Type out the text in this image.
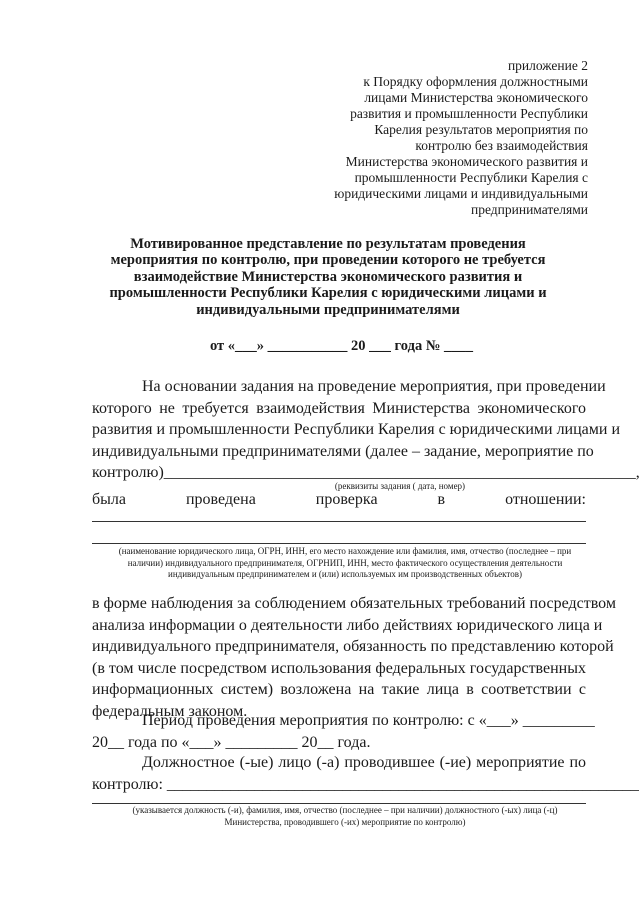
приложение 2
к Порядку оформления должностными
лицами Министерства экономического
развития и промышленности Республики
Карелия результатов мероприятия по
контролю без взаимодействия
Министерства экономического развития и
промышленности Республики Карелия с
юридическими лицами и индивидуальными
предпринимателями
Мотивированное представление по результатам проведения
мероприятия по контролю, при проведении которого не требуется
взаимодействие Министерства экономического развития и
промышленности Республики Карелия с юридическими лицами и
индивидуальными предпринимателями
от «___» ___________ 20 ___ года № ____
На основании задания на проведение мероприятия, при проведении
которого не требуется взаимодействия Министерства экономического
развития и промышленности Республики Карелия с юридическими лицами и
индивидуальными предпринимателями (далее – задание, мероприятие по
контролю)___________________________________________________________,
(реквизиты задания ( дата, номер)
была	проведена	проверка	в	отношении:
(наименование юридического лица, ОГРН, ИНН, его место нахождение или фамилия, имя, отчество (последнее – при
наличии) индивидуального предпринимателя, ОГРНИП, ИНН, место фактического осуществления деятельности
индивидуальным предпринимателем и (или) используемых им производственных объектов)
в форме наблюдения за соблюдением обязательных требований посредством
анализа информации о деятельности либо действиях юридического лица и
индивидуального предпринимателя, обязанность по представлению которой
(в том числе посредством использования федеральных государственных
информационных систем) возложена на такие лица в соответствии с
федеральным законом.
Период проведения мероприятия по контролю: с «___» _________
20__ года по «___» _________ 20__ года.
Должностное (-ые) лицо (-а) проводившее (-ие) мероприятие по
контролю: ___________________________________________________________
(указывается должность (-и), фамилия, имя, отчество (последнее – при наличии) должностного (-ых) лица (-ц)
Министерства, проводившего (-их) мероприятие по контролю)
